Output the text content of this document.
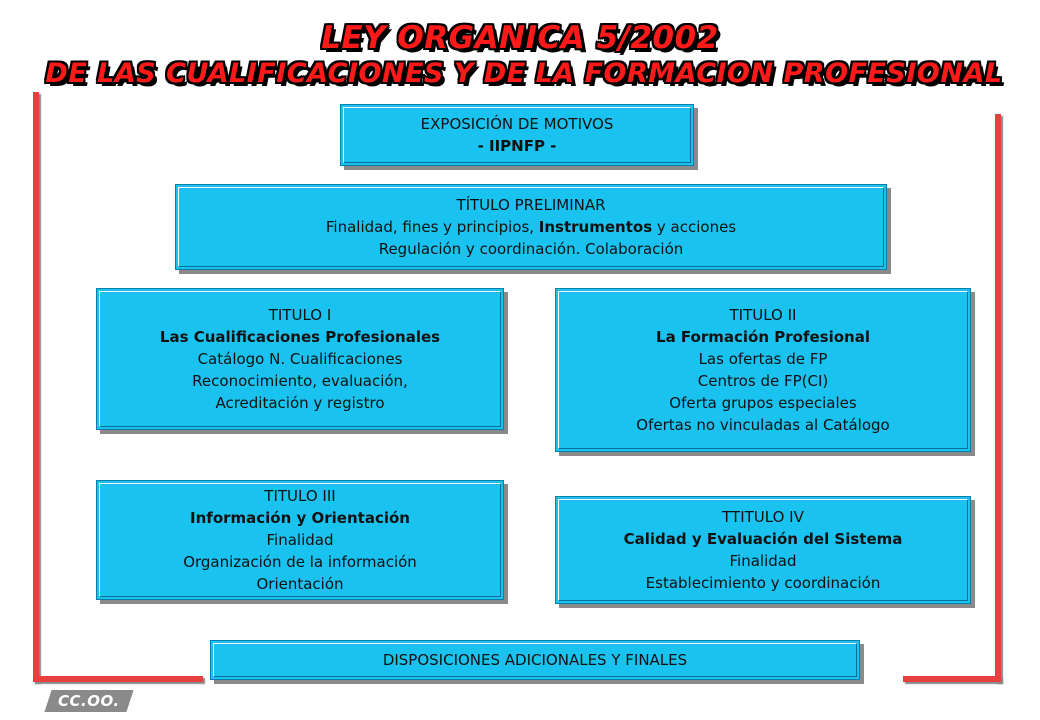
LEY ORGANICA 5/2002
DE LAS CUALIFICACIONES Y DE LA FORMACION PROFESIONAL
EXPOSICIÓN DE MOTIVOS
- IIPNFP -
TÍTULO PRELIMINAR
Finalidad, fines y principios, Instrumentos y acciones
Regulación y coordinación. Colaboración
TITULO I
Las Cualificaciones Profesionales
Catálogo N. Cualificaciones
Reconocimiento, evaluación,
Acreditación y registro
TITULO II
La Formación Profesional
Las ofertas de FP
Centros de FP(CI)
Oferta grupos especiales
Ofertas no vinculadas al Catálogo
TITULO III
Información y Orientación
Finalidad
Organización de la información
Orientación
TTITULO IV
Calidad y Evaluación del Sistema
Finalidad
Establecimiento y coordinación
DISPOSICIONES ADICIONALES Y FINALES
CC.OO.
